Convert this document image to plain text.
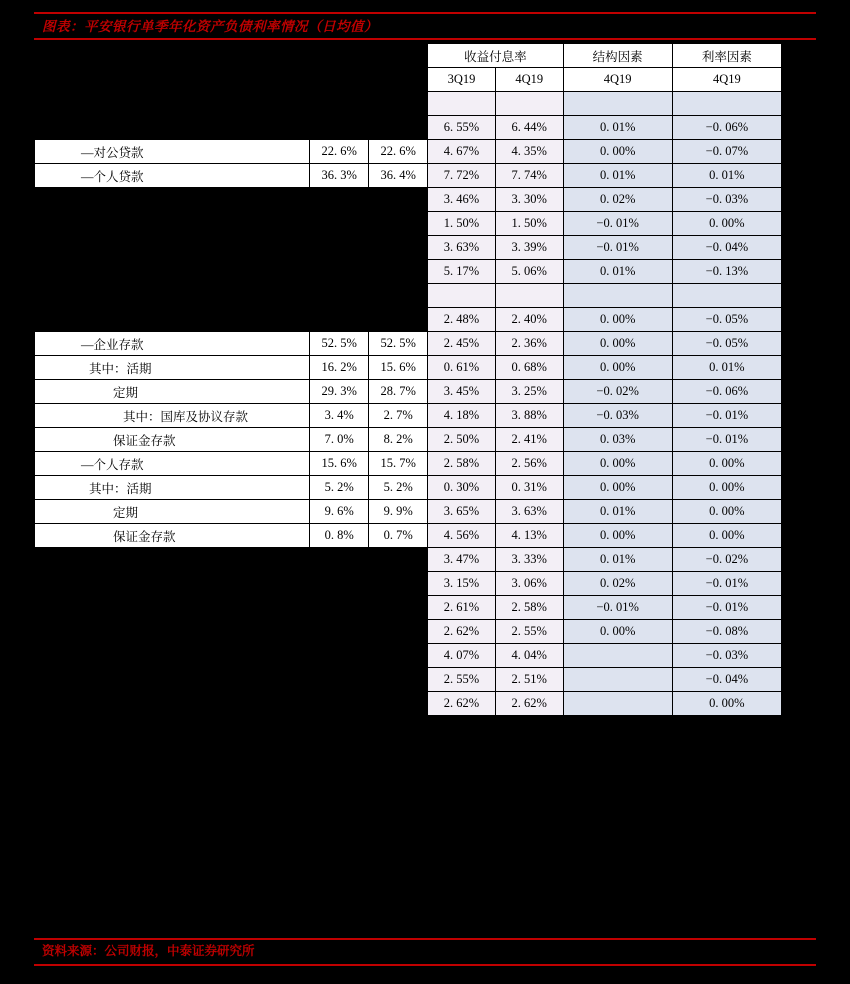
图表：平安银行单季年化资产负债利率情况（日均值）
			收益付息率		结构因素	利率因素
			3Q19	4Q19	4Q19	4Q19

			6. 55%	6. 44%	0. 01%	−0. 06%
—对公贷款	22. 6%	22. 6%	4. 67%	4. 35%	0. 00%	−0. 07%
—个人贷款	36. 3%	36. 4%	7. 72%	7. 74%	0. 01%	0. 01%
			3. 46%	3. 30%	0. 02%	−0. 03%
			1. 50%	1. 50%	−0. 01%	0. 00%
			3. 63%	3. 39%	−0. 01%	−0. 04%
			5. 17%	5. 06%	0. 01%	−0. 13%

			2. 48%	2. 40%	0. 00%	−0. 05%
—企业存款	52. 5%	52. 5%	2. 45%	2. 36%	0. 00%	−0. 05%
其中：活期	16. 2%	15. 6%	0. 61%	0. 68%	0. 00%	0. 01%
定期	29. 3%	28. 7%	3. 45%	3. 25%	−0. 02%	−0. 06%
其中：国库及协议存款	3. 4%	2. 7%	4. 18%	3. 88%	−0. 03%	−0. 01%
保证金存款	7. 0%	8. 2%	2. 50%	2. 41%	0. 03%	−0. 01%
—个人存款	15. 6%	15. 7%	2. 58%	2. 56%	0. 00%	0. 00%
其中：活期	5. 2%	5. 2%	0. 30%	0. 31%	0. 00%	0. 00%
定期	9. 6%	9. 9%	3. 65%	3. 63%	0. 01%	0. 00%
保证金存款	0. 8%	0. 7%	4. 56%	4. 13%	0. 00%	0. 00%
			3. 47%	3. 33%	0. 01%	−0. 02%
			3. 15%	3. 06%	0. 02%	−0. 01%
			2. 61%	2. 58%	−0. 01%	−0. 01%
			2. 62%	2. 55%	0. 00%	−0. 08%
			4. 07%	4. 04%		−0. 03%
			2. 55%	2. 51%		−0. 04%
			2. 62%	2. 62%		0. 00%
资料来源：公司财报，中泰证券研究所
